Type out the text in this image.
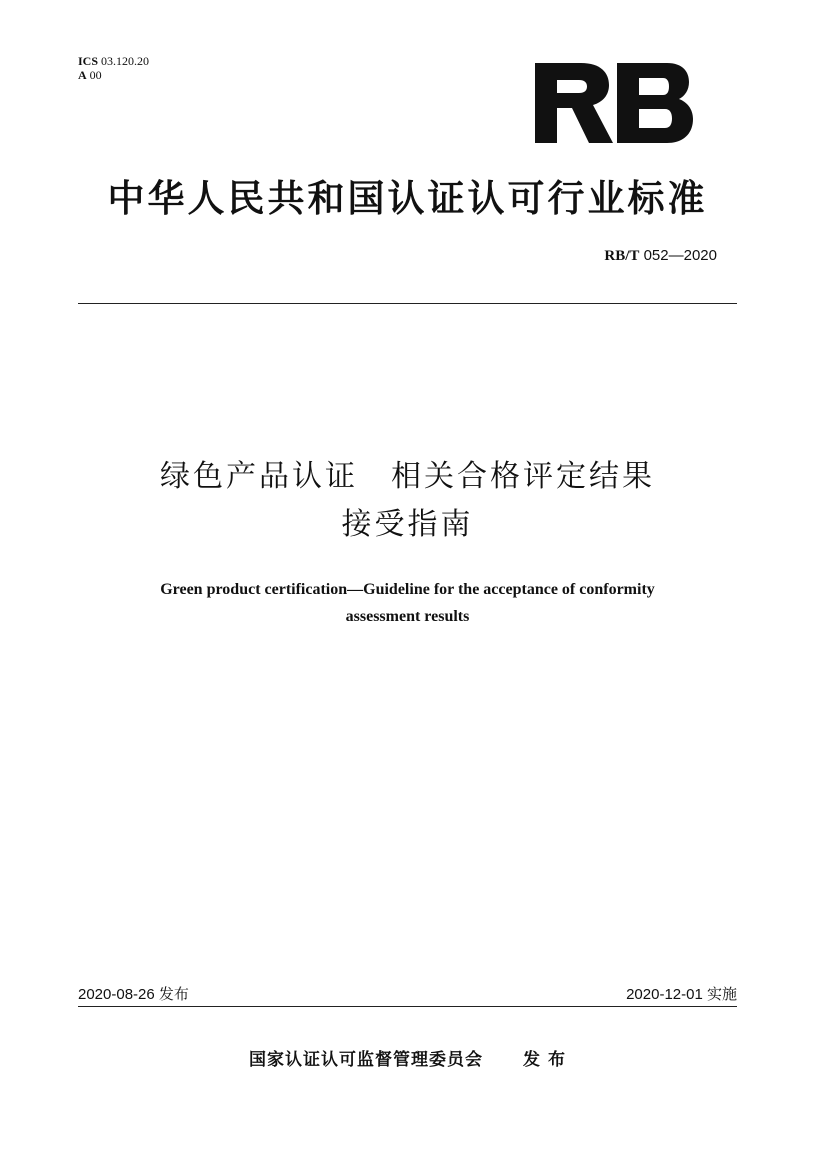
ICS 03.120.20
A 00
中华人民共和国认证认可行业标准
RB/T 052—2020
绿色产品认证　相关合格评定结果
接受指南
Green product certification—Guideline for the acceptance of conformity
assessment results
2020-08-26 发布	2020-12-01 实施
国家认证认可监督管理委员会 发 布
